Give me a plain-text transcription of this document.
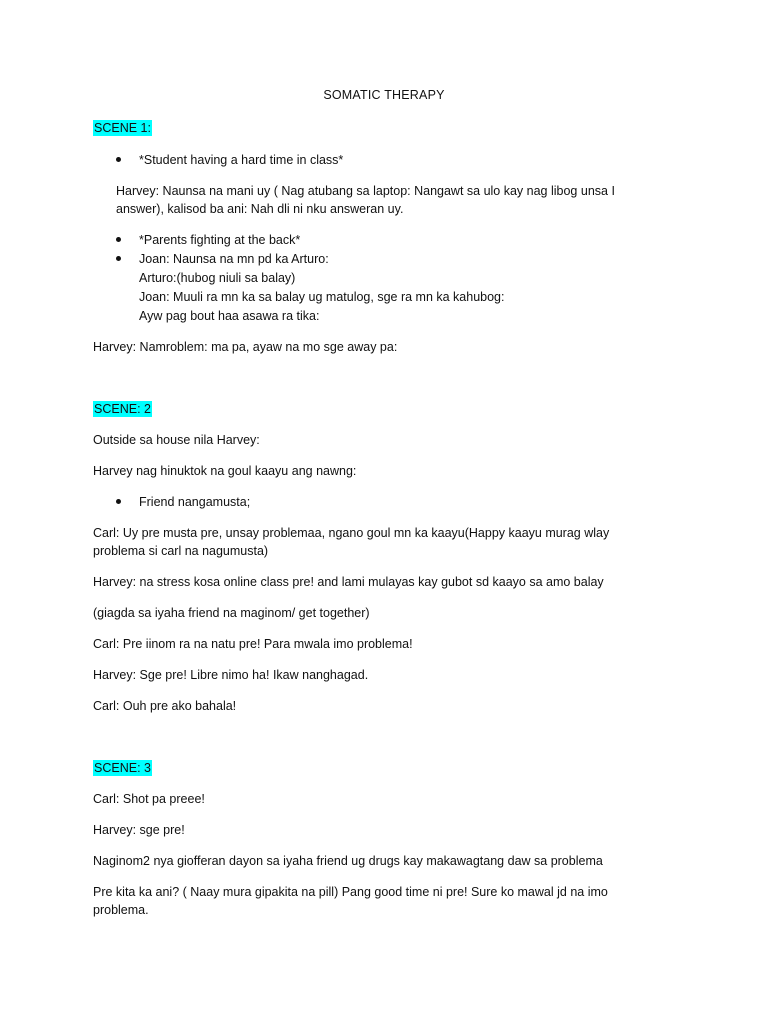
SOMATIC THERAPY
SCENE 1:
*Student having a hard time in class*
Harvey: Naunsa na mani uy ( Nag atubang sa laptop: Nangawt sa ulo kay nag libog unsa I
answer), kalisod ba ani: Nah dli ni nku answeran uy.
*Parents fighting at the back*
Joan: Naunsa na mn pd ka Arturo:
Arturo:(hubog niuli sa balay)
Joan: Muuli ra mn ka sa balay ug matulog, sge ra mn ka kahubog:
Ayw pag bout haa asawa ra tika:
Harvey: Namroblem: ma pa, ayaw na mo sge away pa:
SCENE: 2
Outside sa house nila Harvey:
Harvey nag hinuktok na goul kaayu ang nawng:
Friend nangamusta;
Carl: Uy pre musta pre, unsay problemaa, ngano goul mn ka kaayu(Happy kaayu murag wlay
problema si carl na nagumusta)
Harvey: na stress kosa online class pre! and lami mulayas kay gubot sd kaayo sa amo balay
(giagda sa iyaha friend na maginom/ get together)
Carl: Pre iinom ra na natu pre! Para mwala imo problema!
Harvey: Sge pre! Libre nimo ha! Ikaw nanghagad.
Carl: Ouh pre ako bahala!
SCENE: 3
Carl: Shot pa preee!
Harvey: sge pre!
Naginom2 nya giofferan dayon sa iyaha friend ug drugs kay makawagtang daw sa problema
Pre kita ka ani? ( Naay mura gipakita na pill) Pang good time ni pre! Sure ko mawal jd na imo
problema.
